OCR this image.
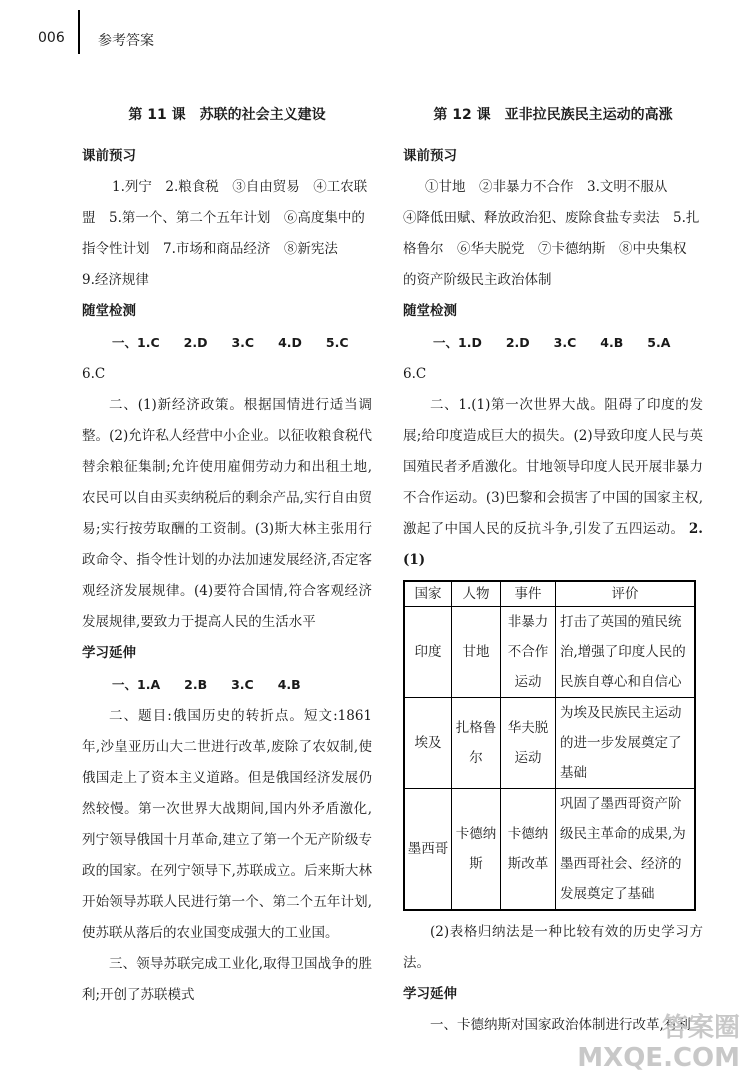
006 参考答案
第 11 课　苏联的社会主义建设
课前预习
1.列宁　2.粮食税　③自由贸易　④工农联
盟　5.第一个、第二个五年计划　⑥高度集中的
指令性计划　7.市场和商品经济　⑧新宪法
9.经济规律
随堂检测
一、1.C 2.D 3.C 4.D 5.C
6.C
二、(1)新经济政策。根据国情进行适当调整。(2)允许私人经营中小企业。以征收粮食税代替余粮征集制;允许使用雇佣劳动力和出租土地,农民可以自由买卖纳税后的剩余产品,实行自由贸易;实行按劳取酬的工资制。(3)斯大林主张用行政命令、指令性计划的办法加速发展经济,否定客观经济发展规律。(4)要符合国情,符合客观经济发展规律,要致力于提高人民的生活水平
学习延伸
一、1.A 2.B 3.C 4.B
二、题目:俄国历史的转折点。短文:1861 年,沙皇亚历山大二世进行改革,废除了农奴制,使俄国走上了资本主义道路。但是俄国经济发展仍然较慢。第一次世界大战期间,国内外矛盾激化,列宁领导俄国十月革命,建立了第一个无产阶级专政的国家。在列宁领导下,苏联成立。后来斯大林开始领导苏联人民进行第一个、第二个五年计划,使苏联从落后的农业国变成强大的工业国。
三、领导苏联完成工业化,取得卫国战争的胜利;开创了苏联模式
第 12 课　亚非拉民族民主运动的高涨
课前预习
①甘地　②非暴力不合作　3.文明不服从
④降低田赋、释放政治犯、废除食盐专卖法　5.扎
格鲁尔　⑥华夫脱党　⑦卡德纳斯　⑧中央集权
的资产阶级民主政治体制
随堂检测
一、1.D 2.D 3.C 4.B 5.A
6.C
二、1.(1)第一次世界大战。阻碍了印度的发展;给印度造成巨大的损失。(2)导致印度人民与英国殖民者矛盾激化。甘地领导印度人民开展非暴力不合作运动。(3)巴黎和会损害了中国的国家主权,激起了中国人民的反抗斗争,引发了五四运动。 2.(1)
国家	人物	事件	评价
印度	甘地	非暴力不合作运动	打击了英国的殖民统治,增强了印度人民的民族自尊心和自信心
埃及	扎格鲁尔	华夫脱运动	为埃及民族民主运动的进一步发展奠定了基础
墨西哥	卡德纳斯	卡德纳斯改革	巩固了墨西哥资产阶级民主革命的成果,为墨西哥社会、经济的发展奠定了基础
(2)表格归纳法是一种比较有效的历史学习方法。
学习延伸
一、卡德纳斯对国家政治体制进行改革,有利
答案圈
MXQE.COM
